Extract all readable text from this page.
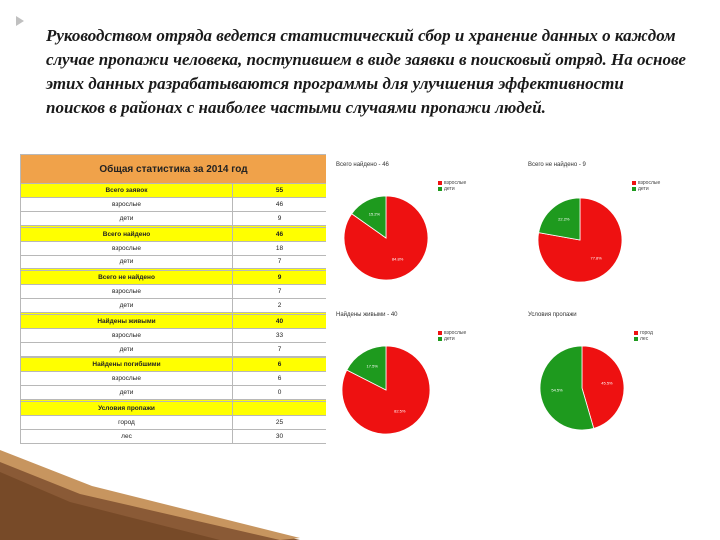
Руководством отряда ведется статистический сбор и хранение данных о каждом случае пропажи человека, поступившем в виде заявки в поисковый отряд. На основе этих данных разрабатываются программы для улучшения эффективности поисков в районах с наиболее частыми случаями пропажи людей.
Общая статистика за 2014 год	
Всего заявок	55
взрослые	46
дети	9

Всего найдено	46
взрослые	18
дети	7

Всего не найдено	9
взрослые	7
дети	2

Найдены живыми	40
взрослые	33
дети	7

Найдены погибшими	6
взрослые	6
дети	0

Условия пропажи	
город	25
лес	30
Всего найдено - 46
84.8%
15.2%
взрослые
дети
Всего не найдено - 9
77.8%
22.2%
взрослые
дети
Найдены живыми - 40
82.5%
17.5%
взрослые
дети
Условия пропажи
45.5%
54.5%
город
лес
